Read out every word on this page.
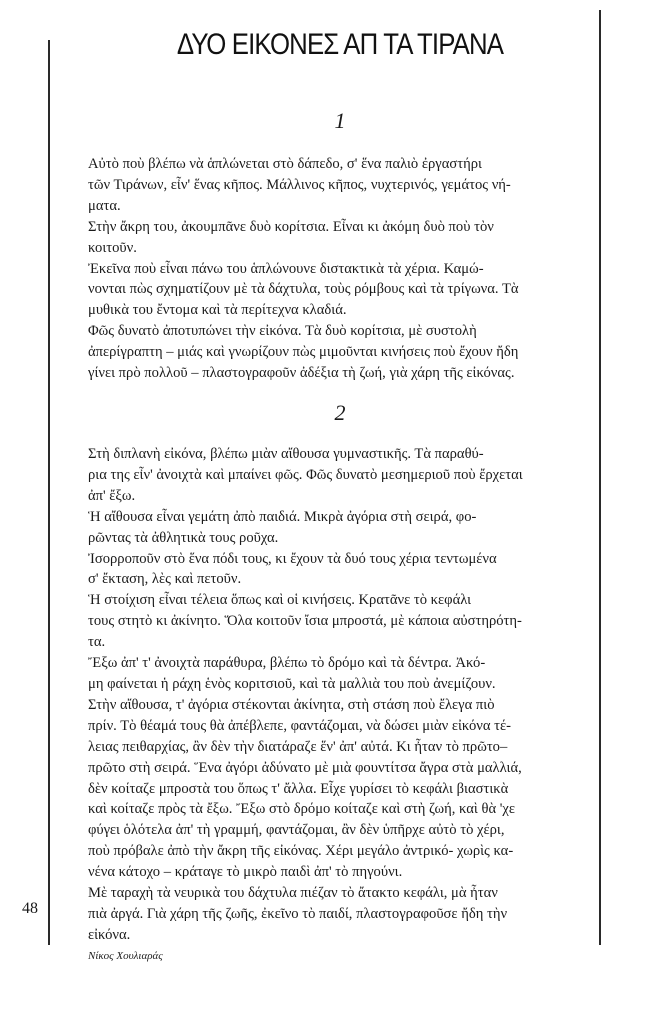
ΔΥΟ ΕΙΚΟΝΕΣ ΑΠ ΤΑ ΤΙΡΑΝΑ
1
Αὐτὸ ποὺ βλέπω νὰ ἁπλώνεται στὸ δάπεδο, σ' ἕνα παλιὸ ἐργαστήρι
τῶν Τιράνων, εἶν' ἕνας κῆπος. Μάλλινος κῆπος, νυχτερινός, γεμάτος νή-
ματα.
Στὴν ἄκρη του, ἀκουμπᾶνε δυὸ κορίτσια. Εἶναι κι ἀκόμη δυὸ ποὺ τὸν
κοιτοῦν.
Ἐκεῖνα ποὺ εἶναι πάνω του ἁπλώνουνε διστακτικὰ τὰ χέρια. Καμώ-
νονται πὼς σχηματίζουν μὲ τὰ δάχτυλα, τοὺς ρόμβους καὶ τὰ τρίγωνα. Τὰ
μυθικὰ του ἔντομα καὶ τὰ περίτεχνα κλαδιά.
Φῶς δυνατὸ ἀποτυπώνει τὴν εἰκόνα. Τὰ δυὸ κορίτσια, μὲ συστολὴ
ἀπερίγραπτη – μιάς καὶ γνωρίζουν πὼς μιμοῦνται κινήσεις ποὺ ἔχουν ἤδη
γίνει πρὸ πολλοῦ – πλαστογραφοῦν ἀδέξια τὴ ζωή, γιὰ χάρη τῆς εἰκόνας.
2
Στὴ διπλανὴ εἰκόνα, βλέπω μιὰν αἴθουσα γυμναστικῆς. Τὰ παραθύ-
ρια της εἶν' ἀνοιχτὰ καὶ μπαίνει φῶς. Φῶς δυνατὸ μεσημεριοῦ ποὺ ἔρχεται
ἀπ' ἔξω.
Ἡ αἴθουσα εἶναι γεμάτη ἀπὸ παιδιά. Μικρὰ ἀγόρια στὴ σειρά, φο-
ρῶντας τὰ ἀθλητικὰ τους ροῦχα.
Ἰσορροποῦν στὸ ἕνα πόδι τους, κι ἔχουν τὰ δυό τους χέρια τεντωμένα
σ' ἔκταση, λὲς καὶ πετοῦν.
Ἡ στοίχιση εἶναι τέλεια ὅπως καὶ οἱ κινήσεις. Κρατᾶνε τὸ κεφάλι
τους στητὸ κι ἀκίνητο. Ὅλα κοιτοῦν ἴσια μπροστά, μὲ κάποια αὐστηρότη-
τα.
Ἔξω ἀπ' τ' ἀνοιχτὰ παράθυρα, βλέπω τὸ δρόμο καὶ τὰ δέντρα. Ἀκό-
μη φαίνεται ἡ ράχη ἑνὸς κοριτσιοῦ, καὶ τὰ μαλλιὰ του ποὺ ἀνεμίζουν.
Στὴν αἴθουσα, τ' ἀγόρια στέκονται ἀκίνητα, στὴ στάση ποὺ ἔλεγα πιὸ
πρίν. Τὸ θέαμά τους θὰ ἀπέβλεπε, φαντάζομαι, νὰ δώσει μιὰν εἰκόνα τέ-
λειας πειθαρχίας, ἂν δὲν τὴν διατάραζε ἕν' ἀπ' αὐτά. Κι ἦταν τὸ πρῶτο–
πρῶτο στὴ σειρά. Ἕνα ἀγόρι ἀδύνατο μὲ μιὰ φουντίτσα ἄγρα στὰ μαλλιά,
δὲν κοίταζε μπροστὰ του ὅπως τ' ἄλλα. Εἶχε γυρίσει τὸ κεφάλι βιαστικὰ
καὶ κοίταζε πρὸς τὰ ἔξω. Ἔξω στὸ δρόμο κοίταζε καὶ στὴ ζωή, καὶ θὰ 'χε
φύγει ὁλότελα ἀπ' τὴ γραμμή, φαντάζομαι, ἂν δὲν ὑπῆρχε αὐτὸ τὸ χέρι,
ποὺ πρόβαλε ἀπὸ τὴν ἄκρη τῆς εἰκόνας. Χέρι μεγάλο ἀντρικό- χωρὶς κα-
νένα κάτοχο – κράταγε τὸ μικρὸ παιδὶ ἀπ' τὸ πηγούνι.
Μὲ ταραχὴ τὰ νευρικὰ του δάχτυλα πιέζαν τὸ ἄτακτο κεφάλι, μὰ ἦταν
πιὰ ἀργά. Γιὰ χάρη τῆς ζωῆς, ἐκεῖνο τὸ παιδί, πλαστογραφοῦσε ἤδη τὴν
εἰκόνα.
48
Νίκος Χουλιαράς
